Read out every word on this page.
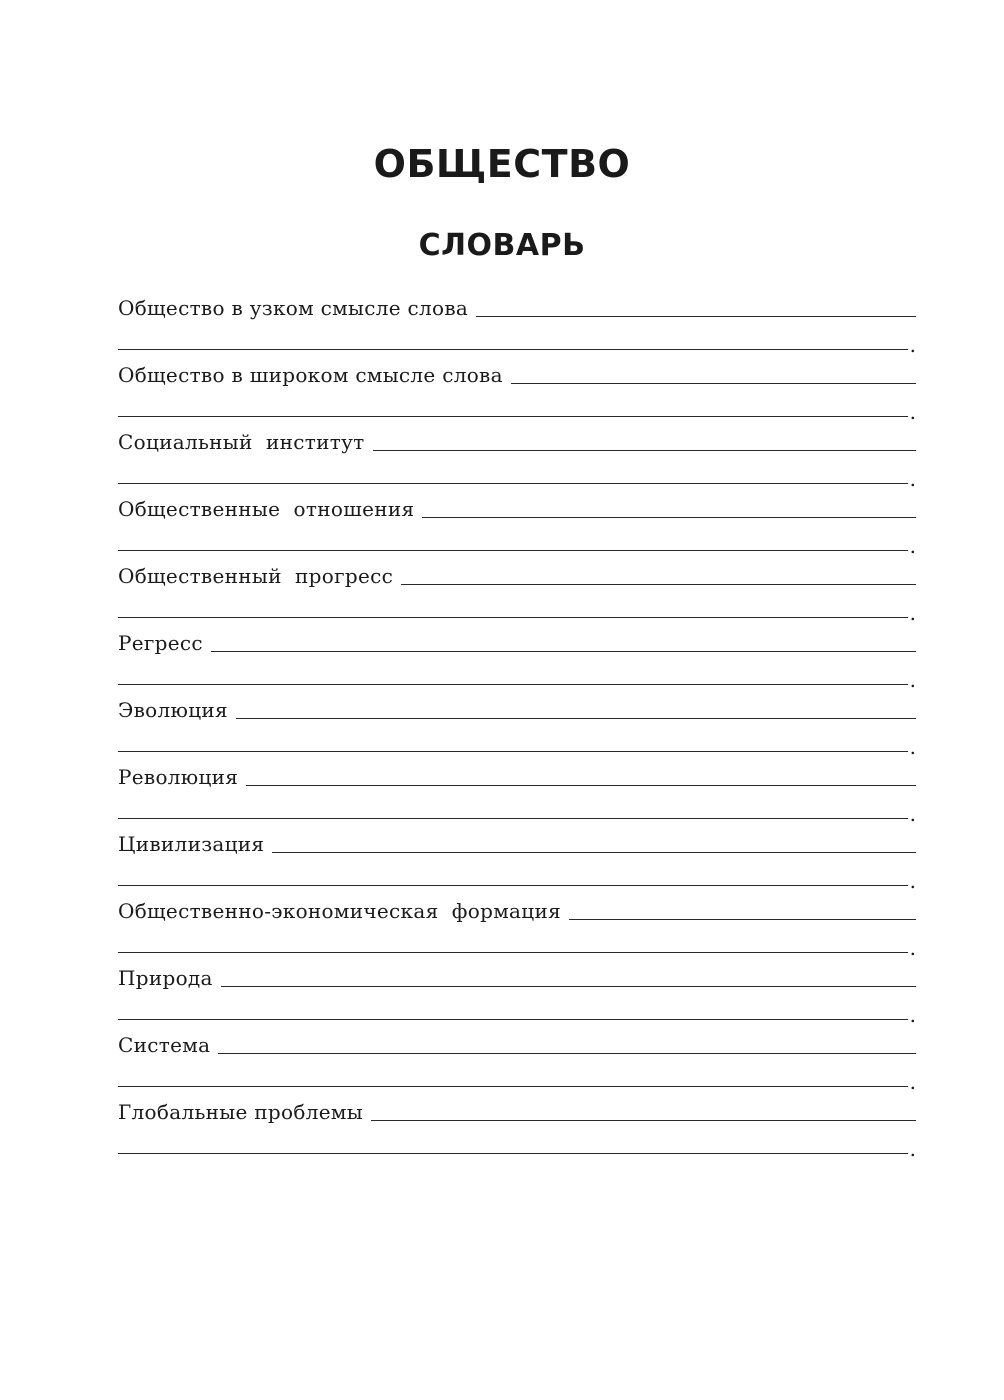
ОБЩЕСТВО
СЛОВАРЬ
Общество в узком смысле слова
.
Общество в широком смысле слова
.
Социальный  институт
.
Общественные  отношения
.
Общественный  прогресс
.
Регресс
.
Эволюция
.
Революция
.
Цивилизация
.
Общественно-экономическая  формация
.
Природа
.
Система
.
Глобальные проблемы
.
